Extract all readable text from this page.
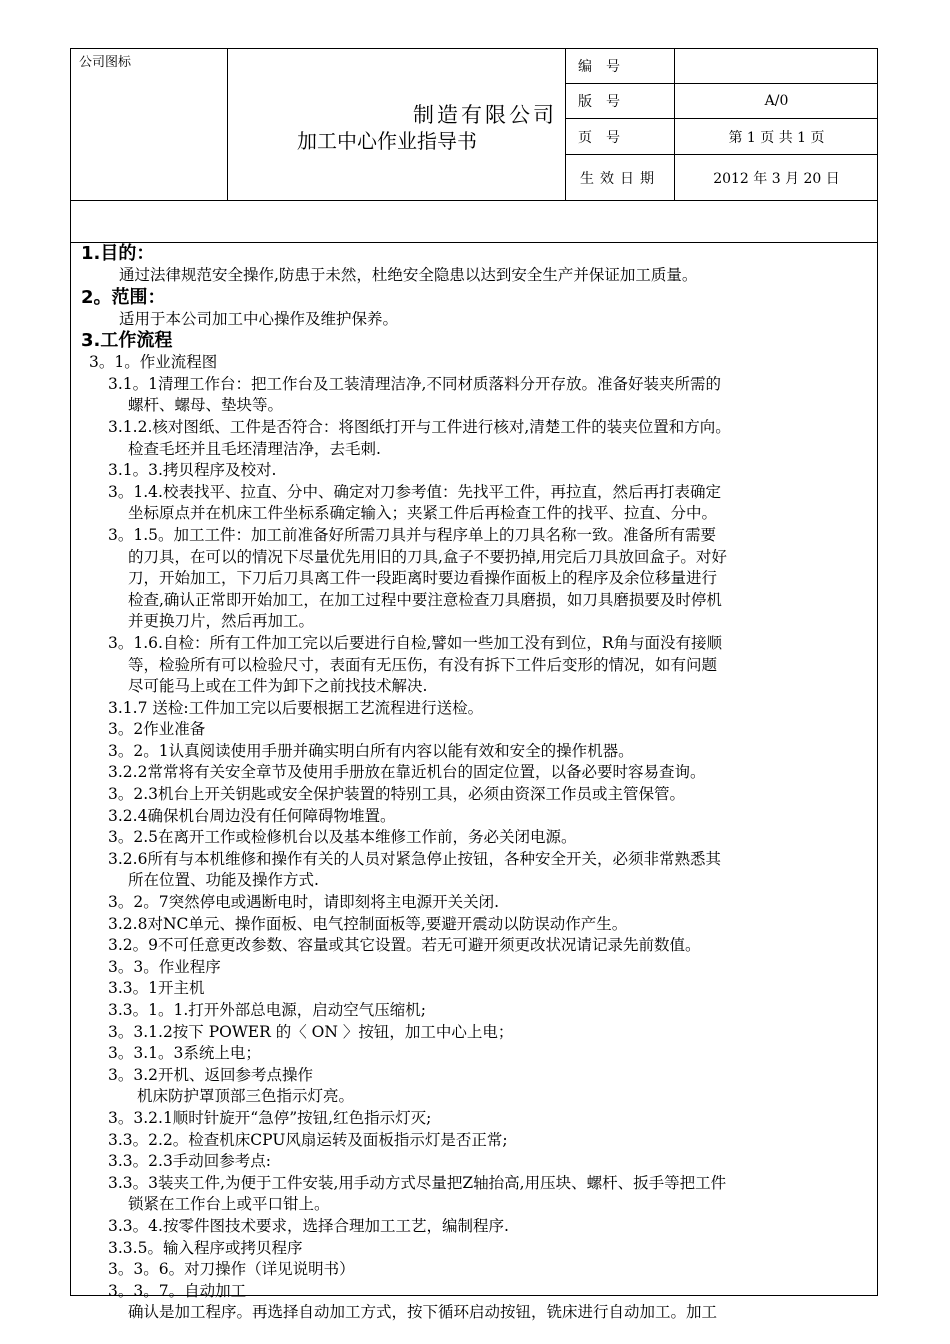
公司图标
制造有限公司
加工中心作业指导书
编号
版号	A/0
页号	第 1 页 共 1 页
生效日期	2012 年 3 月 20 日
1.目的：
通过法律规范安全操作,防患于未然，杜绝安全隐患以达到安全生产并保证加工质量。
2。范围：
适用于本公司加工中心操作及维护保养。
3.工作流程
3。1。作业流程图
3.1。1清理工作台：把工作台及工装清理洁净,不同材质落料分开存放。准备好装夹所需的
螺杆、螺母、垫块等。
3.1.2.核对图纸、工件是否符合：将图纸打开与工件进行核对,清楚工件的装夹位置和方向。
检查毛坯并且毛坯清理洁净，去毛刺.
3.1。3.拷贝程序及校对.
3。1.4.校表找平、拉直、分中、确定对刀参考值：先找平工件，再拉直，然后再打表确定
坐标原点并在机床工件坐标系确定输入；夹紧工件后再检查工件的找平、拉直、分中。
3。1.5。加工工件：加工前准备好所需刀具并与程序单上的刀具名称一致。准备所有需要
的刀具，在可以的情况下尽量优先用旧的刀具,盒子不要扔掉,用完后刀具放回盒子。对好
刀，开始加工，下刀后刀具离工件一段距离时要边看操作面板上的程序及余位移量进行
检查,确认正常即开始加工，在加工过程中要注意检查刀具磨损，如刀具磨损要及时停机
并更换刀片，然后再加工。
3。1.6.自检：所有工件加工完以后要进行自检,譬如一些加工没有到位，R角与面没有接顺
等，检验所有可以检验尺寸，表面有无压伤，有没有拆下工件后变形的情况，如有问题
尽可能马上或在工件为卸下之前找技术解决.
3.1.7 送检:工件加工完以后要根据工艺流程进行送检。
3。2作业准备
3。2。1认真阅读使用手册并确实明白所有内容以能有效和安全的操作机器。
3.2.2常常将有关安全章节及使用手册放在靠近机台的固定位置，以备必要时容易查询。
3。2.3机台上开关钥匙或安全保护装置的特别工具，必须由资深工作员或主管保管。
3.2.4确保机台周边没有任何障碍物堆置。
3。2.5在离开工作或检修机台以及基本维修工作前，务必关闭电源。
3.2.6所有与本机维修和操作有关的人员对紧急停止按钮，各种安全开关，必须非常熟悉其
所在位置、功能及操作方式.
3。2。7突然停电或遇断电时，请即刻将主电源开关关闭.
3.2.8对NC单元、操作面板、电气控制面板等,要避开震动以防误动作产生。
3.2。9不可任意更改参数、容量或其它设置。若无可避开须更改状况请记录先前数值。
3。3。作业程序
3.3。1开主机
3.3。1。1.打开外部总电源，启动空气压缩机;
3。3.1.2按下 POWER 的〈 ON 〉按钮，加工中心上电；
3。3.1。3系统上电；
3。3.2开机、返回参考点操作
机床防护罩顶部三色指示灯亮。
3。3.2.1顺时针旋开“急停”按钮,红色指示灯灭;
3.3。2.2。检查机床CPU风扇运转及面板指示灯是否正常;
3.3。2.3手动回参考点:
3.3。3装夹工件,为便于工件安装,用手动方式尽量把Z轴抬高,用压块、螺杆、扳手等把工件
锁紧在工作台上或平口钳上。
3.3。4.按零件图技术要求，选择合理加工工艺，编制程序.
3.3.5。输入程序或拷贝程序
3。3。6。对刀操作（详见说明书）
3。3。7。自动加工
确认是加工程序。再选择自动加工方式，按下循环启动按钮，铣床进行自动加工。加工
